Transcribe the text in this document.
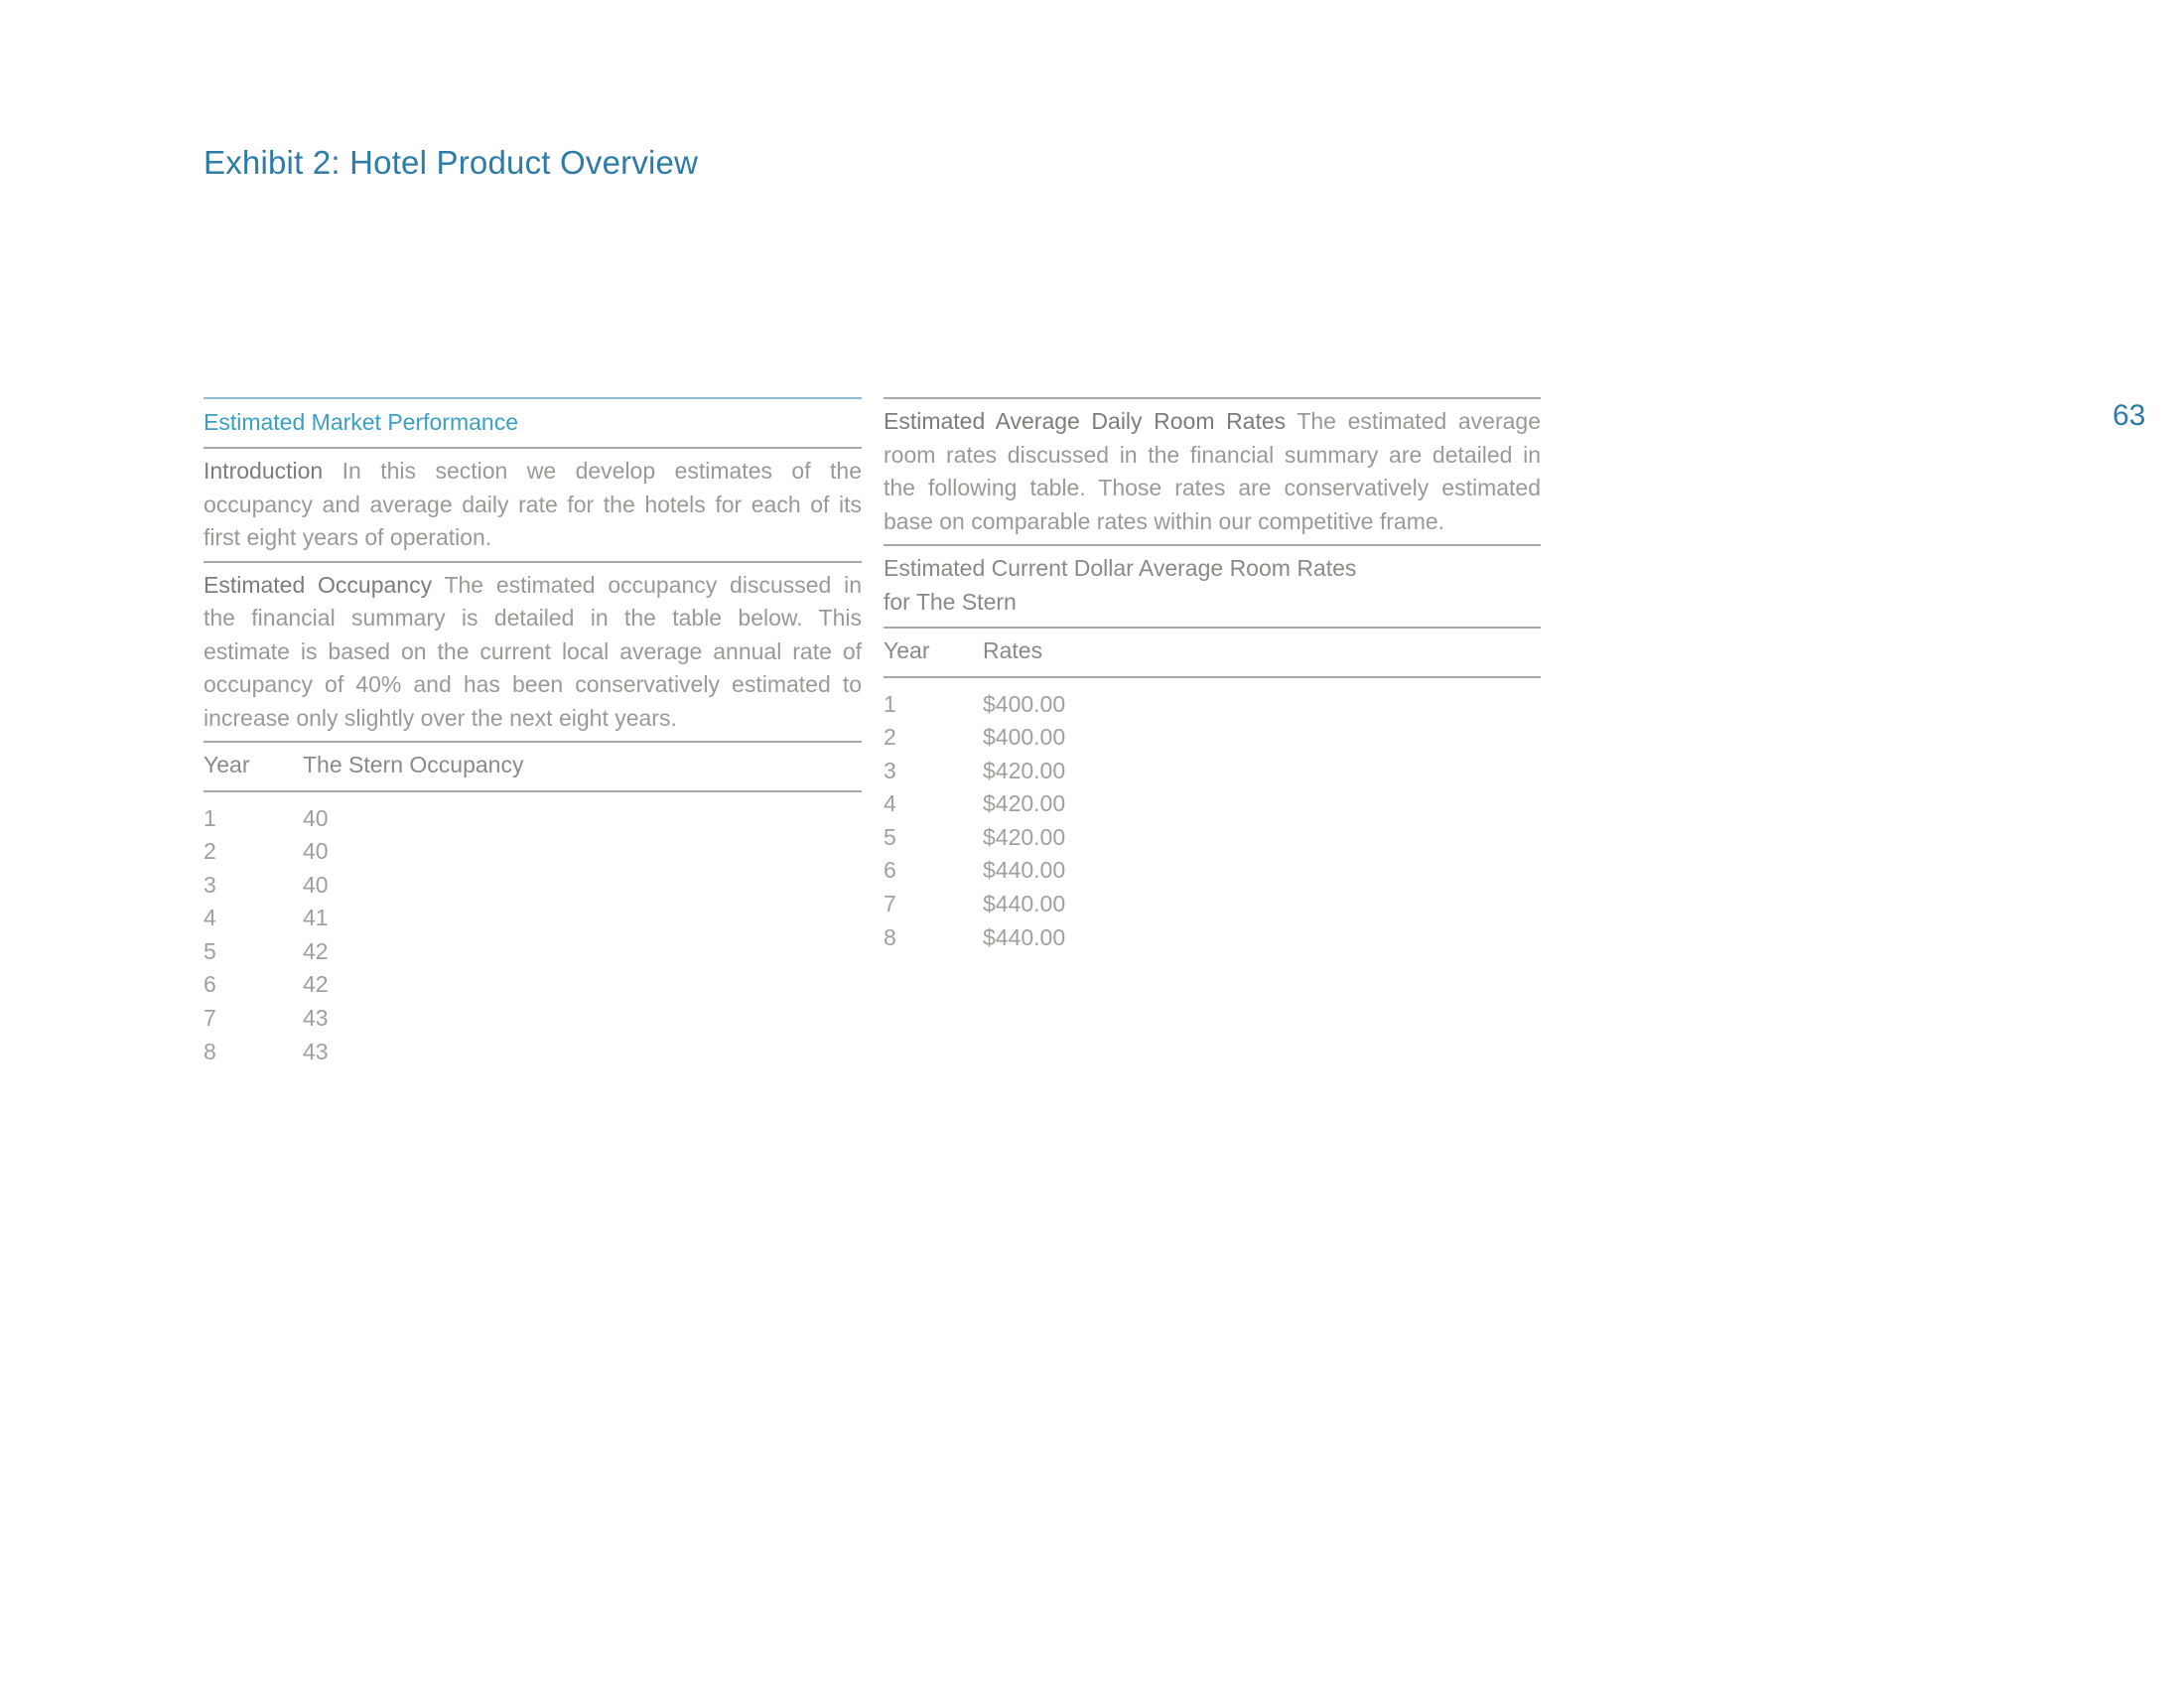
Exhibit 2: Hotel Product Overview
63
Estimated Market Performance
Introduction In this section we develop estimates of the occupancy and average daily rate for the hotels for each of its first eight years of operation.
Estimated Occupancy The estimated occupancy discussed in the financial summary is detailed in the table below. This estimate is based on the current local average annual rate of occupancy of 40% and has been conservatively estimated to increase only slightly over the next eight years.
Year	The Stern Occupancy
1	40
2	40
3	40
4	41
5	42
6	42
7	43
8	43
Estimated Average Daily Room Rates The estimated average room rates discussed in the financial summary are detailed in the following table. Those rates are conservatively estimated base on comparable rates within our competitive frame.
Estimated Current Dollar Average Room Rates
for The Stern
Year	Rates
1	$400.00
2	$400.00
3	$420.00
4	$420.00
5	$420.00
6	$440.00
7	$440.00
8	$440.00
